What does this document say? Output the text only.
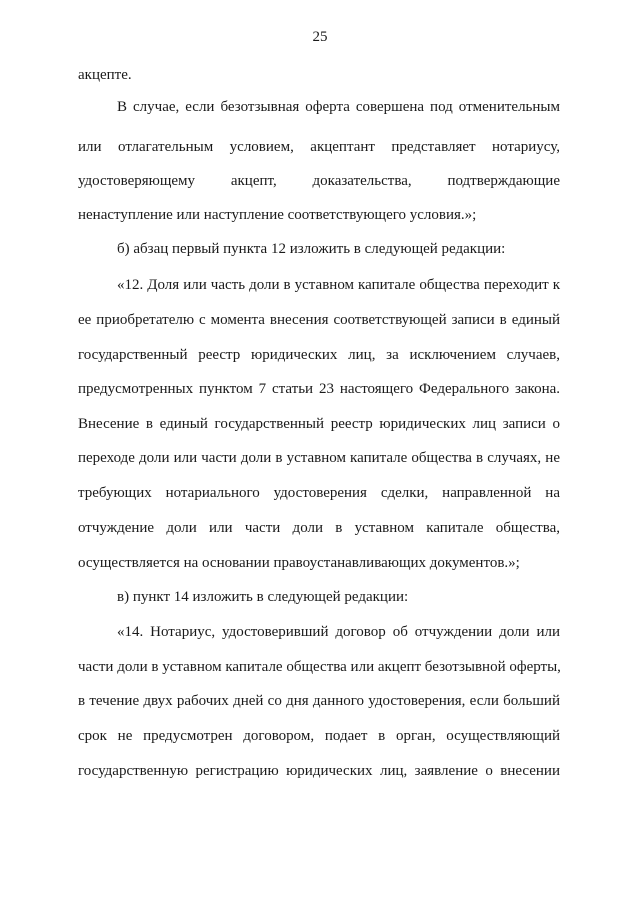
25
акцепте.
В случае, если безотзывная оферта совершена под отменительным
или отлагательным условием, акцептант представляет нотариусу,
удостоверяющему акцепт, доказательства, подтверждающие
ненаступление или наступление соответствующего условия.»;
б) абзац первый пункта 12 изложить в следующей редакции:
«12. Доля или часть доли в уставном капитале общества переходит к
ее приобретателю с момента внесения соответствующей записи в единый
государственный реестр юридических лиц, за исключением случаев,
предусмотренных пунктом 7 статьи 23 настоящего Федерального закона.
Внесение в единый государственный реестр юридических лиц записи о
переходе доли или части доли в уставном капитале общества в случаях, не
требующих нотариального удостоверения сделки, направленной на
отчуждение доли или части доли в уставном капитале общества,
осуществляется на основании правоустанавливающих документов.»;
в) пункт 14 изложить в следующей редакции:
«14. Нотариус, удостоверивший договор об отчуждении доли или
части доли в уставном капитале общества или акцепт безотзывной оферты,
в течение двух рабочих дней со дня данного удостоверения, если больший
срок не предусмотрен договором, подает в орган, осуществляющий
государственную регистрацию юридических лиц, заявление о внесении
